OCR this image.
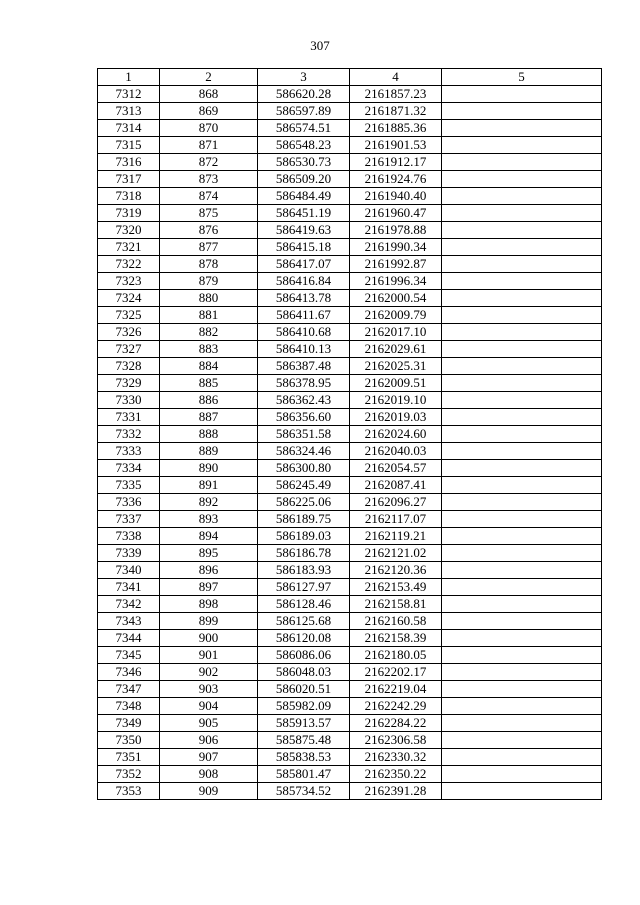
307
1	2	3	4	5
7312	868	586620.28	2161857.23	
7313	869	586597.89	2161871.32	
7314	870	586574.51	2161885.36	
7315	871	586548.23	2161901.53	
7316	872	586530.73	2161912.17	
7317	873	586509.20	2161924.76	
7318	874	586484.49	2161940.40	
7319	875	586451.19	2161960.47	
7320	876	586419.63	2161978.88	
7321	877	586415.18	2161990.34	
7322	878	586417.07	2161992.87	
7323	879	586416.84	2161996.34	
7324	880	586413.78	2162000.54	
7325	881	586411.67	2162009.79	
7326	882	586410.68	2162017.10	
7327	883	586410.13	2162029.61	
7328	884	586387.48	2162025.31	
7329	885	586378.95	2162009.51	
7330	886	586362.43	2162019.10	
7331	887	586356.60	2162019.03	
7332	888	586351.58	2162024.60	
7333	889	586324.46	2162040.03	
7334	890	586300.80	2162054.57	
7335	891	586245.49	2162087.41	
7336	892	586225.06	2162096.27	
7337	893	586189.75	2162117.07	
7338	894	586189.03	2162119.21	
7339	895	586186.78	2162121.02	
7340	896	586183.93	2162120.36	
7341	897	586127.97	2162153.49	
7342	898	586128.46	2162158.81	
7343	899	586125.68	2162160.58	
7344	900	586120.08	2162158.39	
7345	901	586086.06	2162180.05	
7346	902	586048.03	2162202.17	
7347	903	586020.51	2162219.04	
7348	904	585982.09	2162242.29	
7349	905	585913.57	2162284.22	
7350	906	585875.48	2162306.58	
7351	907	585838.53	2162330.32	
7352	908	585801.47	2162350.22	
7353	909	585734.52	2162391.28	
